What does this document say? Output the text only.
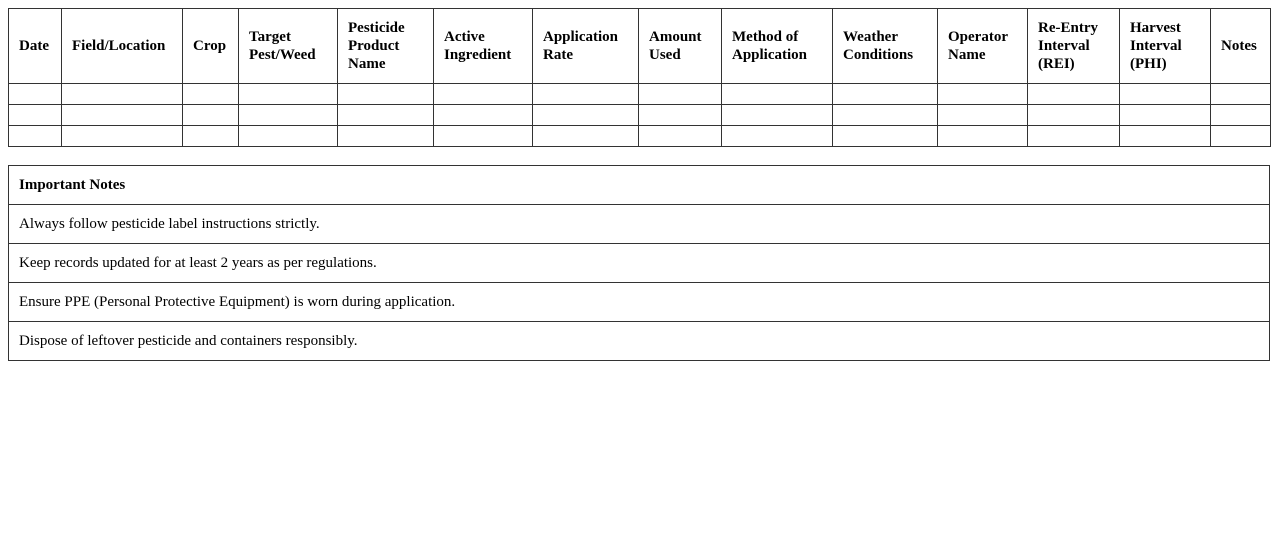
Date	Field/Location	Crop	Target Pest/Weed	Pesticide Product Name	Active Ingredient	Application Rate	Amount Used	Method of Application	Weather Conditions	Operator Name	Re-Entry Interval (REI)	Harvest Interval (PHI)	Notes

Important Notes
Always follow pesticide label instructions strictly.
Keep records updated for at least 2 years as per regulations.
Ensure PPE (Personal Protective Equipment) is worn during application.
Dispose of leftover pesticide and containers responsibly.
